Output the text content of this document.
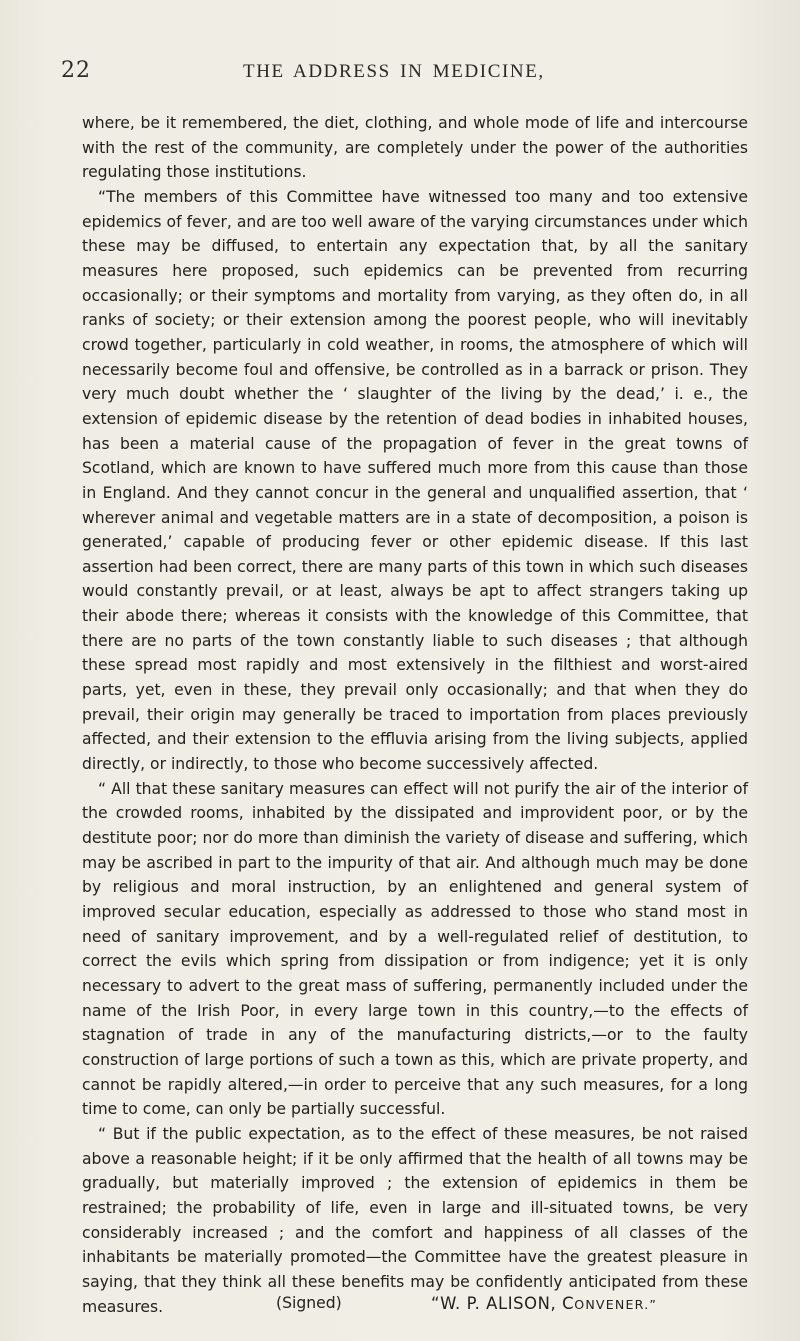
22	THE ADDRESS IN MEDICINE,

where, be it remembered, the diet, clothing, and whole mode of life and intercourse with the rest of the community, are completely under the power of the authorities regulating those institutions.

“The members of this Committee have witnessed too many and too extensive epidemics of fever, and are too well aware of the varying circumstances under which these may be diffused, to entertain any expectation that, by all the sanitary measures here proposed, such epidemics can be prevented from recurring occasionally; or their symptoms and mortality from varying, as they often do, in all ranks of society; or their extension among the poorest people, who will inevitably crowd together, particularly in cold weather, in rooms, the atmosphere of which will necessarily become foul and offensive, be controlled as in a barrack or prison. They very much doubt whether the ‘ slaughter of the living by the dead,’ i. e., the extension of epidemic disease by the retention of dead bodies in inhabited houses, has been a material cause of the propagation of fever in the great towns of Scotland, which are known to have suffered much more from this cause than those in England. And they cannot concur in the general and unqualified assertion, that ‘ wherever animal and vegetable matters are in a state of decomposition, a poison is generated,’ capable of producing fever or other epidemic disease. If this last assertion had been correct, there are many parts of this town in which such diseases would constantly prevail, or at least, always be apt to affect strangers taking up their abode there; whereas it consists with the knowledge of this Committee, that there are no parts of the town constantly liable to such diseases ; that although these spread most rapidly and most extensively in the filthiest and worst-aired parts, yet, even in these, they prevail only occasionally; and that when they do prevail, their origin may generally be traced to importation from places previously affected, and their extension to the effluvia arising from the living subjects, applied directly, or indirectly, to those who become successively affected.

“ All that these sanitary measures can effect will not purify the air of the interior of the crowded rooms, inhabited by the dissipated and improvident poor, or by the destitute poor; nor do more than diminish the variety of disease and suffering, which may be ascribed in part to the impurity of that air. And although much may be done by religious and moral instruction, by an enlightened and general system of improved secular education, especially as addressed to those who stand most in need of sanitary improvement, and by a well-regulated relief of destitution, to correct the evils which spring from dissipation or from indigence; yet it is only necessary to advert to the great mass of suffering, permanently included under the name of the Irish Poor, in every large town in this country,—to the effects of stagnation of trade in any of the manufacturing districts,—or to the faulty construction of large portions of such a town as this, which are private property, and cannot be rapidly altered,—in order to perceive that any such measures, for a long time to come, can only be partially successful.

“ But if the public expectation, as to the effect of these measures, be not raised above a reasonable height; if it be only affirmed that the health of all towns may be gradually, but materially improved ; the extension of epidemics in them be restrained; the probability of life, even in large and ill-situated towns, be very considerably increased ; and the comfort and happiness of all classes of the inhabitants be materially promoted—the Committee have the greatest pleasure in saying, that they think all these benefits may be confidently anticipated from these measures.	(Signed)	“W. P. ALISON, CONVENER.”
